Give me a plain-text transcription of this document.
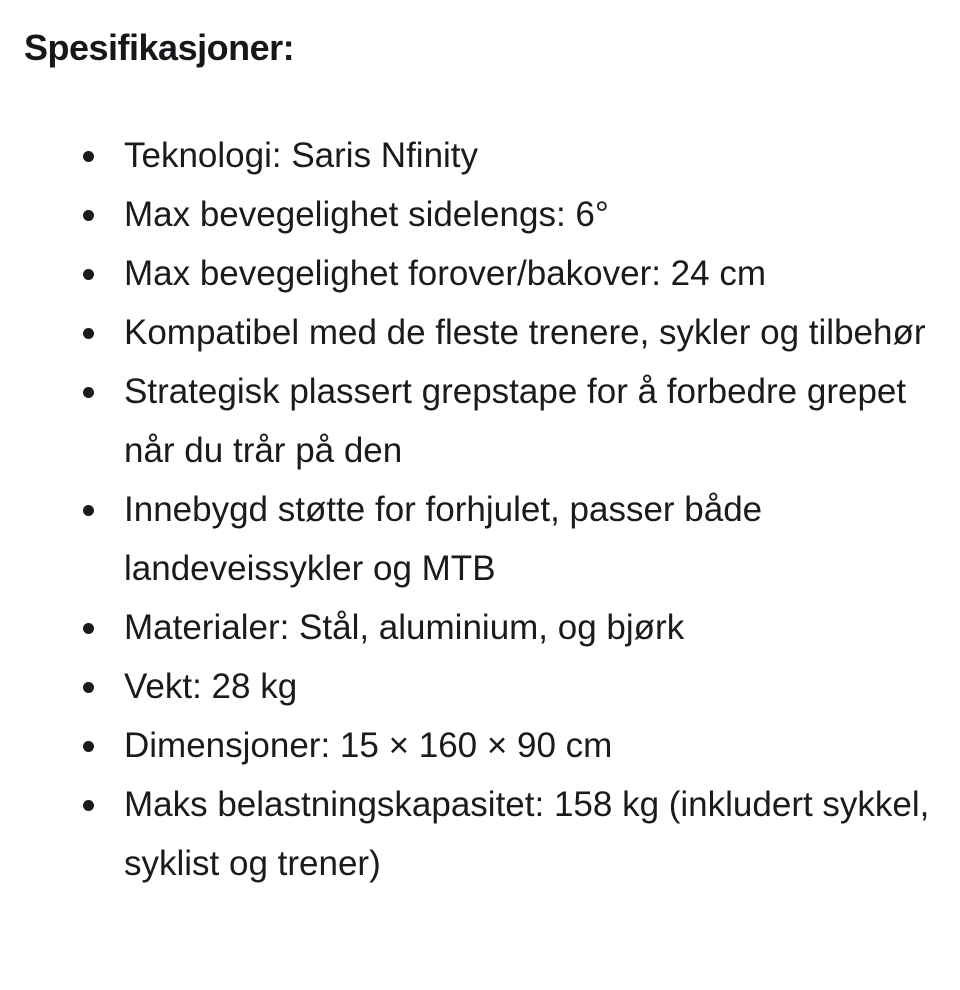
Spesifikasjoner:
Teknologi: Saris Nfinity
Max bevegelighet sidelengs: 6°
Max bevegelighet forover/bakover: 24 cm
Kompatibel med de fleste trenere, sykler og tilbehør
Strategisk plassert grepstape for å forbedre grepet når du trår på den
Innebygd støtte for forhjulet, passer både landeveissykler og MTB
Materialer: Stål, aluminium, og bjørk
Vekt: 28 kg
Dimensjoner: 15 × 160 × 90 cm
Maks belastningskapasitet: 158 kg (inkludert sykkel, syklist og trener)
